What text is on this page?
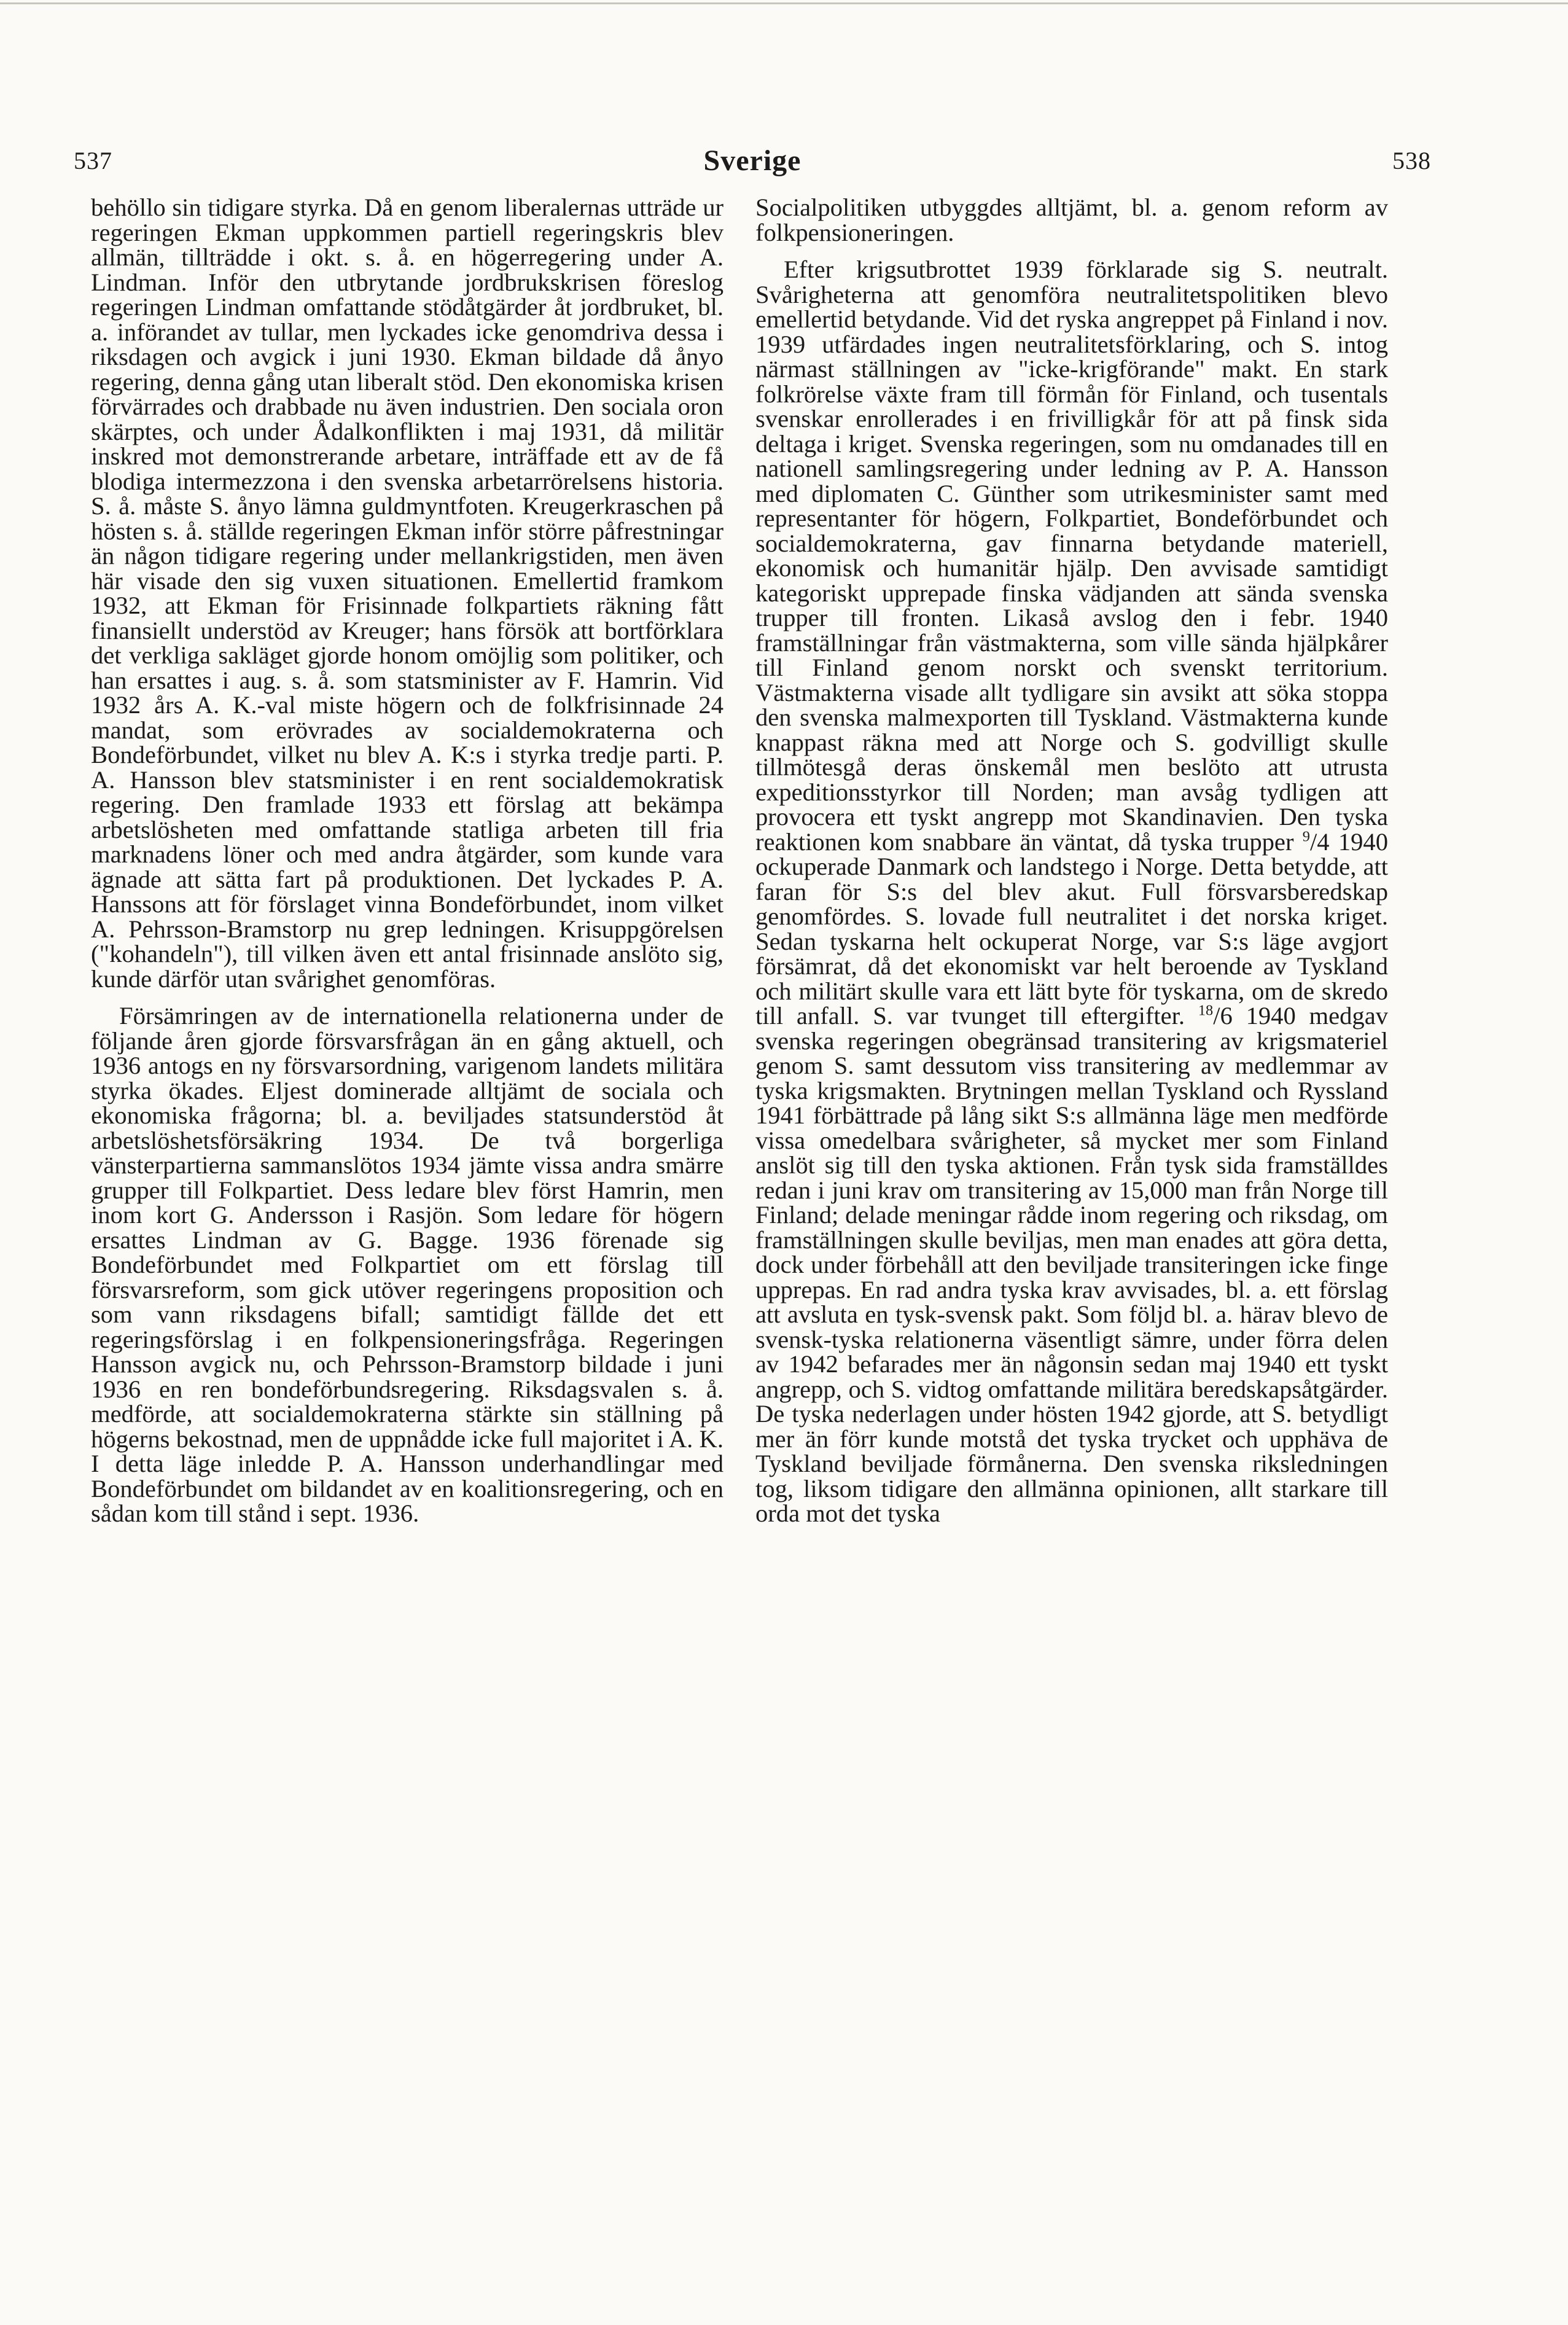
537	Sverige	538

behöllo sin tidigare styrka. Då en genom liberalernas utträde ur regeringen Ekman uppkommen partiell regeringskris blev allmän, tillträdde i okt. s. å. en högerregering under A. Lindman. Inför den utbrytande jordbrukskrisen föreslog regeringen Lindman omfattande stödåtgärder åt jordbruket, bl. a. införandet av tullar, men lyckades icke genomdriva dessa i riksdagen och avgick i juni 1930. Ekman bildade då ånyo regering, denna gång utan liberalt stöd. Den ekonomiska krisen förvärrades och drabbade nu även industrien. Den sociala oron skärptes, och under Ådalkonflikten i maj 1931, då militär inskred mot demonstrerande arbetare, inträffade ett av de få blodiga intermezzona i den svenska arbetarrörelsens historia. S. å. måste S. ånyo lämna guldmyntfoten. Kreugerkraschen på hösten s. å. ställde regeringen Ekman inför större påfrestningar än någon tidigare regering under mellankrigstiden, men även här visade den sig vuxen situationen. Emellertid framkom 1932, att Ekman för Frisinnade folkpartiets räkning fått finansiellt understöd av Kreuger; hans försök att bortförklara det verkliga sakläget gjorde honom omöjlig som politiker, och han ersattes i aug. s. å. som statsminister av F. Hamrin. Vid 1932 års A. K.-val miste högern och de folkfrisinnade 24 mandat, som erövrades av socialdemokraterna och Bondeförbundet, vilket nu blev A. K:s i styrka tredje parti. P. A. Hansson blev statsminister i en rent socialdemokratisk regering. Den framlade 1933 ett förslag att bekämpa arbetslösheten med omfattande statliga arbeten till fria marknadens löner och med andra åtgärder, som kunde vara ägnade att sätta fart på produktionen. Det lyckades P. A. Hanssons att för förslaget vinna Bondeförbundet, inom vilket A. Pehrsson-Bramstorp nu grep ledningen. Krisuppgörelsen ("kohandeln"), till vilken även ett antal frisinnade anslöto sig, kunde därför utan svårighet genomföras.

Försämringen av de internationella relationerna under de följande åren gjorde försvarsfrågan än en gång aktuell, och 1936 antogs en ny försvarsordning, varigenom landets militära styrka ökades. Eljest dominerade alltjämt de sociala och ekonomiska frågorna; bl. a. beviljades statsunderstöd åt arbetslöshetsförsäkring 1934. De två borgerliga vänsterpartierna sammanslötos 1934 jämte vissa andra smärre grupper till Folkpartiet. Dess ledare blev först Hamrin, men inom kort G. Andersson i Rasjön. Som ledare för högern ersattes Lindman av G. Bagge. 1936 förenade sig Bondeförbundet med Folkpartiet om ett förslag till försvarsreform, som gick utöver regeringens proposition och som vann riksdagens bifall; samtidigt fällde det ett regeringsförslag i en folkpensioneringsfråga. Regeringen Hansson avgick nu, och Pehrsson-Bramstorp bildade i juni 1936 en ren bondeförbundsregering. Riksdagsvalen s. å. medförde, att socialdemokraterna stärkte sin ställning på högerns bekostnad, men de uppnådde icke full majoritet i A. K. I detta läge inledde P. A. Hansson underhandlingar med Bondeförbundet om bildandet av en koalitionsregering, och en sådan kom till stånd i sept. 1936.

Socialpolitiken utbyggdes alltjämt, bl. a. genom reform av folkpensioneringen.

Efter krigsutbrottet 1939 förklarade sig S. neutralt. Svårigheterna att genomföra neutralitetspolitiken blevo emellertid betydande. Vid det ryska angreppet på Finland i nov. 1939 utfärdades ingen neutralitetsförklaring, och S. intog närmast ställningen av "icke-krigförande" makt. En stark folkrörelse växte fram till förmån för Finland, och tusentals svenskar enrollerades i en frivilligkår för att på finsk sida deltaga i kriget. Svenska regeringen, som nu omdanades till en nationell samlingsregering under ledning av P. A. Hansson med diplomaten C. Günther som utrikesminister samt med representanter för högern, Folkpartiet, Bondeförbundet och socialdemokraterna, gav finnarna betydande materiell, ekonomisk och humanitär hjälp. Den avvisade samtidigt kategoriskt upprepade finska vädjanden att sända svenska trupper till fronten. Likaså avslog den i febr. 1940 framställningar från västmakterna, som ville sända hjälpkårer till Finland genom norskt och svenskt territorium. Västmakterna visade allt tydligare sin avsikt att söka stoppa den svenska malmexporten till Tyskland. Västmakterna kunde knappast räkna med att Norge och S. godvilligt skulle tillmötesgå deras önskemål men beslöto att utrusta expeditionsstyrkor till Norden; man avsåg tydligen att provocera ett tyskt angrepp mot Skandinavien. Den tyska reaktionen kom snabbare än väntat, då tyska trupper $^9$/4 1940 ockuperade Danmark och landstego i Norge. Detta betydde, att faran för S:s del blev akut. Full försvarsberedskap genomfördes. S. lovade full neutralitet i det norska kriget. Sedan tyskarna helt ockuperat Norge, var S:s läge avgjort försämrat, då det ekonomiskt var helt beroende av Tyskland och militärt skulle vara ett lätt byte för tyskarna, om de skredo till anfall. S. var tvunget till eftergifter. $^{18}$/6 1940 medgav svenska regeringen obegränsad transitering av krigsmateriel genom S. samt dessutom viss transitering av medlemmar av tyska krigsmakten. Brytningen mellan Tyskland och Ryssland 1941 förbättrade på lång sikt S:s allmänna läge men medförde vissa omedelbara svårigheter, så mycket mer som Finland anslöt sig till den tyska aktionen. Från tysk sida framställdes redan i juni krav om transitering av 15,000 man från Norge till Finland; delade meningar rådde inom regering och riksdag, om framställningen skulle beviljas, men man enades att göra detta, dock under förbehåll att den beviljade transiteringen icke finge upprepas. En rad andra tyska krav avvisades, bl. a. ett förslag att avsluta en tysk-svensk pakt. Som följd bl. a. härav blevo de svensk-tyska relationerna väsentligt sämre, under förra delen av 1942 befarades mer än någonsin sedan maj 1940 ett tyskt angrepp, och S. vidtog omfattande militära beredskapsåtgärder. De tyska nederlagen under hösten 1942 gjorde, att S. betydligt mer än förr kunde motstå det tyska trycket och upphäva de Tyskland beviljade förmånerna. Den svenska riksledningen tog, liksom tidigare den allmänna opinionen, allt starkare till orda mot det tyska
